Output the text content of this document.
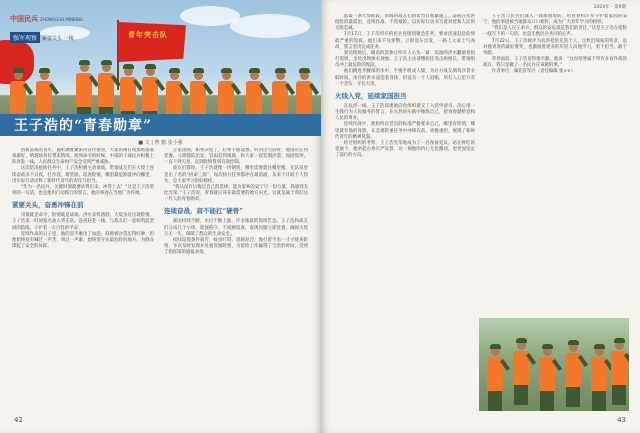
青年突击队
中国民兵 ZHONGGUO MINBING
强军观察 紧要关头 一线
王子浩的“青春勋章”
■ 文 | 曹 勤 张小强

浴血奋战的青年，都听调度紧张向宣传推进，大家仿佛日夜加班都准备做好，给现场各位带来情况。接到命令的时候，中部的干部民兵积极上阵奔赴一线，人民群众生命财产安全受到严重威胁。

这次防汛抢险任务中，王子浩积极主动请战，带领战友们在大堤上连续奋战多个日夜，扛沙袋、堵管涌、巡查险情，哪里最危险就冲向哪里，用实际行动诠释了新时代青年的责任与担当。

“作为一名民兵，关键时刻就要站得出来、冲得上去！”这是王子浩常说的一句话，也是他用行动践行的誓言，他的事迹在当地广为传颂。

紧要关头，奋勇冲锋在前

汛情就是命令，险情就是战场。洪水来势汹汹，大堤多处出现险情，王子浩第一时间报名加入突击队，连夜赶赴一线，与战友们一起构筑起坚固的防线，守护着一方百姓的平安。

连续作战的日子里，他的双手磨出了血泡，肩膀被沙袋压得红肿，但他始终没有喊过一声苦、叫过一声累，始终坚守在最危险的地方，为群众撑起了安全的屏障。

万家团圆，如果决堤了，后果不堪设想。听到这句话时，他没有任何犹豫，立即随队出发，冒雨赶到现场，和大家一起装填沙袋、加固堤坝，一直干到天亮，直到险情得到有效控制。

战友们都说，王子浩就像一块钢铁，哪里需要就往哪里搬，在队伍里是出了名的“拼命三郎”，每次执行任务都冲在最前面，从来不计较个人得失，是大家学习的好榜样。

“我从没有后悔过自己的选择，能为家乡的安宁尽一份力量，我感到无比光荣。”王子浩说，青春就应该在最需要的地方闪光，这就是属于我们这一代人的青春勋章。

连续奋战，肩不能扛“硬骨”

暴雨持续不断，水位不断上涨，许多地段的堤坝告急。王子浩和战友们分成几个小组，轮流值守、不间断巡查，发现问题立即处置，确保大堤万无一失，保障了群众的生命安全。

夜间巡堤条件艰苦，蚊虫叮咬、道路泥泞，他打着手电一寸寸排查险情，多次及时发现并处置管涌险情，为抢险工作赢得了宝贵的时间，受到了指挥部的通报表扬。

42
2020年 · 第9期

都最一条大堤险段，前线的战友们顶着烈日加紧施工，奋战在抗洪抢险的最前沿，连续作战、不畏艰险，以实际行动书写着对党和人民的无限忠诚。

7月17日，王子浩所在的民兵连接到紧急任务，要求迅速赶赴险情最严重的堤段。他们来不及休整，立即登车出发，一路上大家士气高昂，誓言坚决完成任务。

到达现场后，眼前的景象让所有人心头一紧：浑浊的洪水翻滚着拍打堤坝，多处出现渗水现象。王子浩主动请缨担任突击组组长，带领组员冲上最危险的堤段。

他们跳进齐腰深的水中，手挽手组成人墙，为后方战友填筑沙袋争取时间。冰冷的洪水浸泡着身体，但没有一个人退缩，所有人心里只有一个念头：守住大堤。

火线入党，延续家国担当

在抗洪一线，王子浩郑重地向党组织递交了入党申请书，决心用一生践行为人民服务的誓言，在火热的实践中锤炼自己，把青春献给党和人民的事业。

连续作战中，他始终以党员的标准严格要求自己，哪里有险情，哪里就有他的身影，在急难险重任务中冲锋在前、勇挑重担，展现了新时代青年的精神风貌。

经过组织的考察，王子浩光荣地成为了一名预备党员。站在鲜红的党旗下，他举起右拳庄严宣誓，这一刻他的内心无比激动，也更加坚定了前行的方向。

王子浩与民兵们深入一线加固堤防，用青春和汗水守护着家园的安宁，他的事迹被当地群众口口相传，成为广大青年学习的榜样。

“我们是人民子弟兵，群众的安危就是我们的责任。”这是王子浩在抢险一线写下的一句话，也是无数民兵共同的心声。

7月22日，王子浩被评为抗洪抢险先进个人，这枚沉甸甸的奖章，是对他青春的最好褒奖，也激励着更多的年轻人向他学习，勇于担当、敢于奉献。

荣誉面前，王子浩显得很平静，他说：“这份荣誉属于所有并肩作战的战友，我只是做了一名民兵应该做的事。”

作者单位：湖北省军区（责任编辑 张××）

43
